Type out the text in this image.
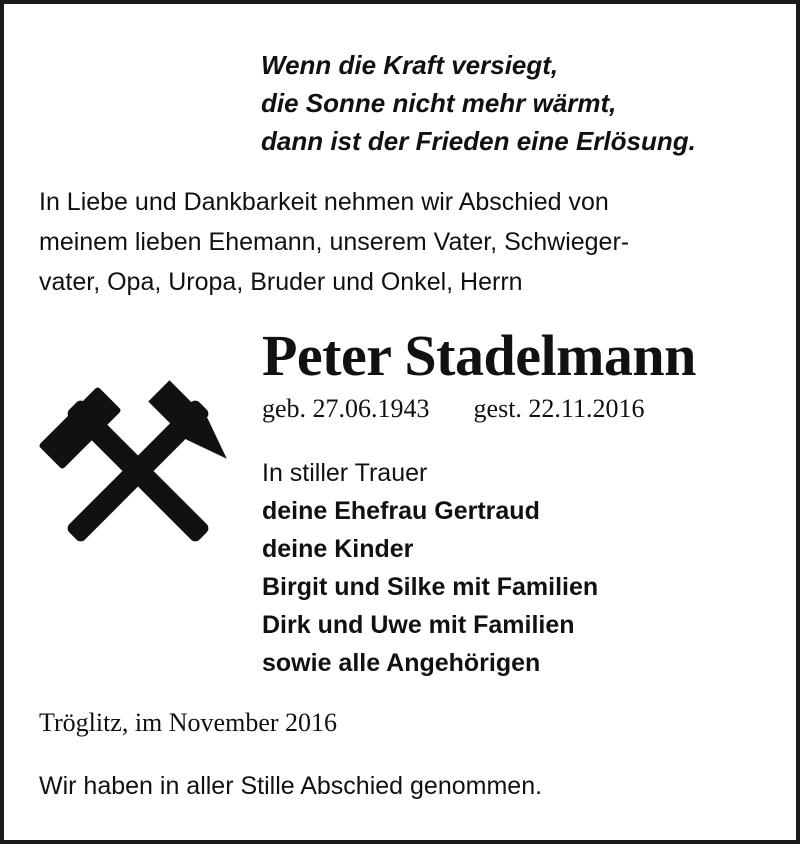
Wenn die Kraft versiegt,
die Sonne nicht mehr wärmt,
dann ist der Frieden eine Erlösung.
In Liebe und Dankbarkeit nehmen wir Abschied von
meinem lieben Ehemann, unserem Vater, Schwieger-
vater, Opa, Uropa, Bruder und Onkel, Herrn
Peter Stadelmann
geb. 27.06.1943 gest. 22.11.2016
In stiller Trauer
deine Ehefrau Gertraud
deine Kinder
Birgit und Silke mit Familien
Dirk und Uwe mit Familien
sowie alle Angehörigen
Tröglitz, im November 2016
Wir haben in aller Stille Abschied genommen.
